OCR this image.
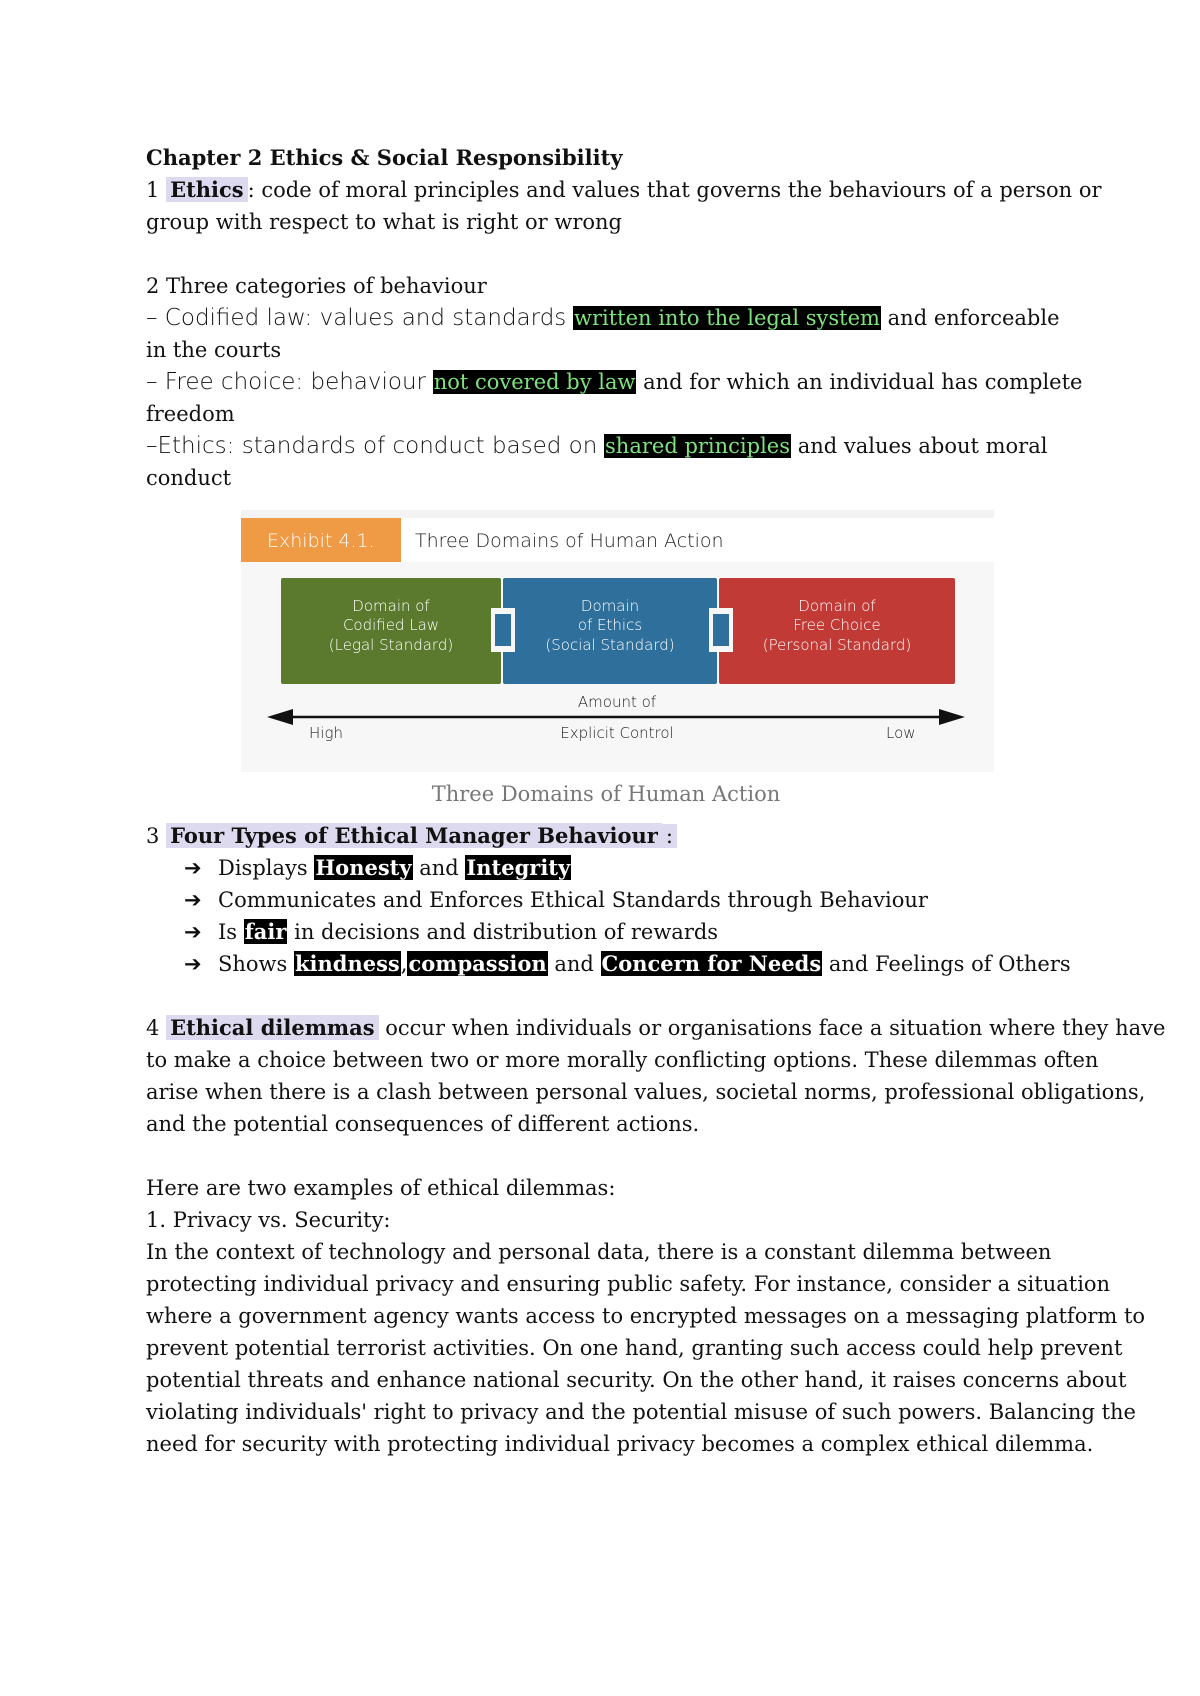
Chapter 2 Ethics & Social Responsibility
1 Ethics : code of moral principles and values that governs the behaviours of a person or
group with respect to what is right or wrong
2 Three categories of behaviour
– Codified law: values and standards written into the legal system and enforceable
in the courts
– Free choice: behaviour not covered by law and for which an individual has complete
freedom
–Ethics: standards of conduct based on shared principles and values about moral
conduct
Exhibit 4.1. Three Domains of Human Action
Domain of
Codified Law
(Legal Standard)
Domain
of Ethics
(Social Standard)
Domain of
Free Choice
(Personal Standard)
Amount of
High	Explicit Control	Low
Three Domains of Human Action
3 Four Types of Ethical Manager Behaviour :
➔ Displays Honesty and Integrity
➔ Communicates and Enforces Ethical Standards through Behaviour
➔ Is fair in decisions and distribution of rewards
➔ Shows kindness,compassion and Concern for Needs and Feelings of Others
4 Ethical dilemmas occur when individuals or organisations face a situation where they have
to make a choice between two or more morally conflicting options. These dilemmas often
arise when there is a clash between personal values, societal norms, professional obligations,
and the potential consequences of different actions.
Here are two examples of ethical dilemmas:
1. Privacy vs. Security:
In the context of technology and personal data, there is a constant dilemma between
protecting individual privacy and ensuring public safety. For instance, consider a situation
where a government agency wants access to encrypted messages on a messaging platform to
prevent potential terrorist activities. On one hand, granting such access could help prevent
potential threats and enhance national security. On the other hand, it raises concerns about
violating individuals' right to privacy and the potential misuse of such powers. Balancing the
need for security with protecting individual privacy becomes a complex ethical dilemma.
